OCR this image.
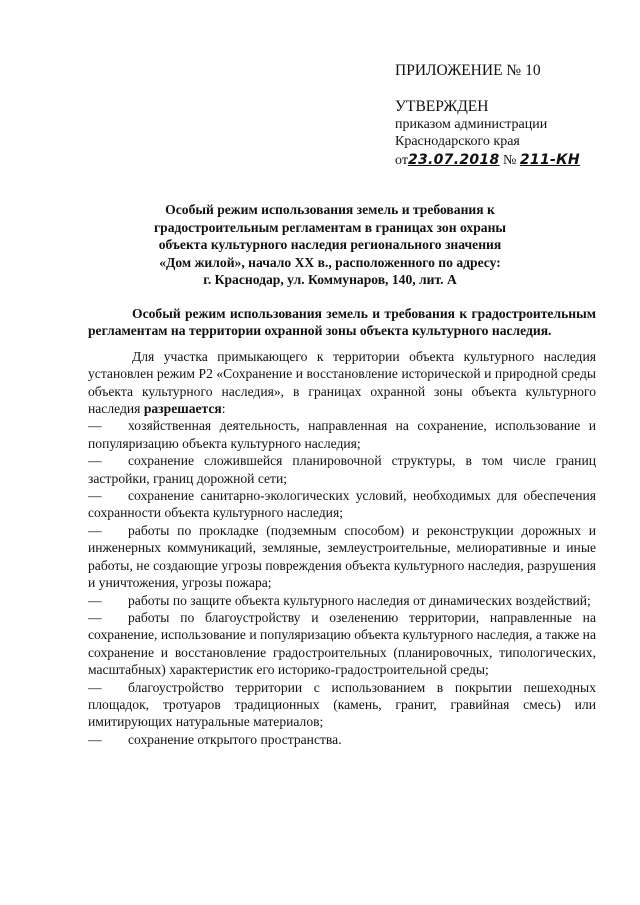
ПРИЛОЖЕНИЕ № 10

УТВЕРЖДЕН

приказом администрации

Краснодарского края

от23.07.2018 № 211-КН

Особый режим использования земель и требования к
градостроительным регламентам в границах зон охраны
объекта культурного наследия регионального значения
«Дом жилой», начало XX в., расположенного по адресу:
г. Краснодар, ул. Коммунаров, 140, лит. А

Особый режим использования земель и требования к градостроительным регламентам на территории охранной зоны объекта культурного наследия.

Для участка примыкающего к территории объекта культурного наследия установлен режим Р2 «Сохранение и восстановление исторической и природной среды объекта культурного наследия», в границах охранной зоны объекта культурного наследия разрешается:

— хозяйственная деятельность, направленная на сохранение, использование и популяризацию объекта культурного наследия;
— сохранение сложившейся планировочной структуры, в том числе границ застройки, границ дорожной сети;
— сохранение санитарно-экологических условий, необходимых для обеспечения сохранности объекта культурного наследия;
— работы по прокладке (подземным способом) и реконструкции дорожных и инженерных коммуникаций, земляные, землеустроительные, мелиоративные и иные работы, не создающие угрозы повреждения объекта культурного наследия, разрушения и уничтожения, угрозы пожара;
— работы по защите объекта культурного наследия от динамических воздействий;
— работы по благоустройству и озеленению территории, направленные на сохранение, использование и популяризацию объекта культурного наследия, а также на сохранение и восстановление градостроительных (планировочных, типологических, масштабных) характеристик его историко-градостроительной среды;
— благоустройство территории с использованием в покрытии пешеходных площадок, тротуаров традиционных (камень, гранит, гравийная смесь) или имитирующих натуральные материалов;
— сохранение открытого пространства.
